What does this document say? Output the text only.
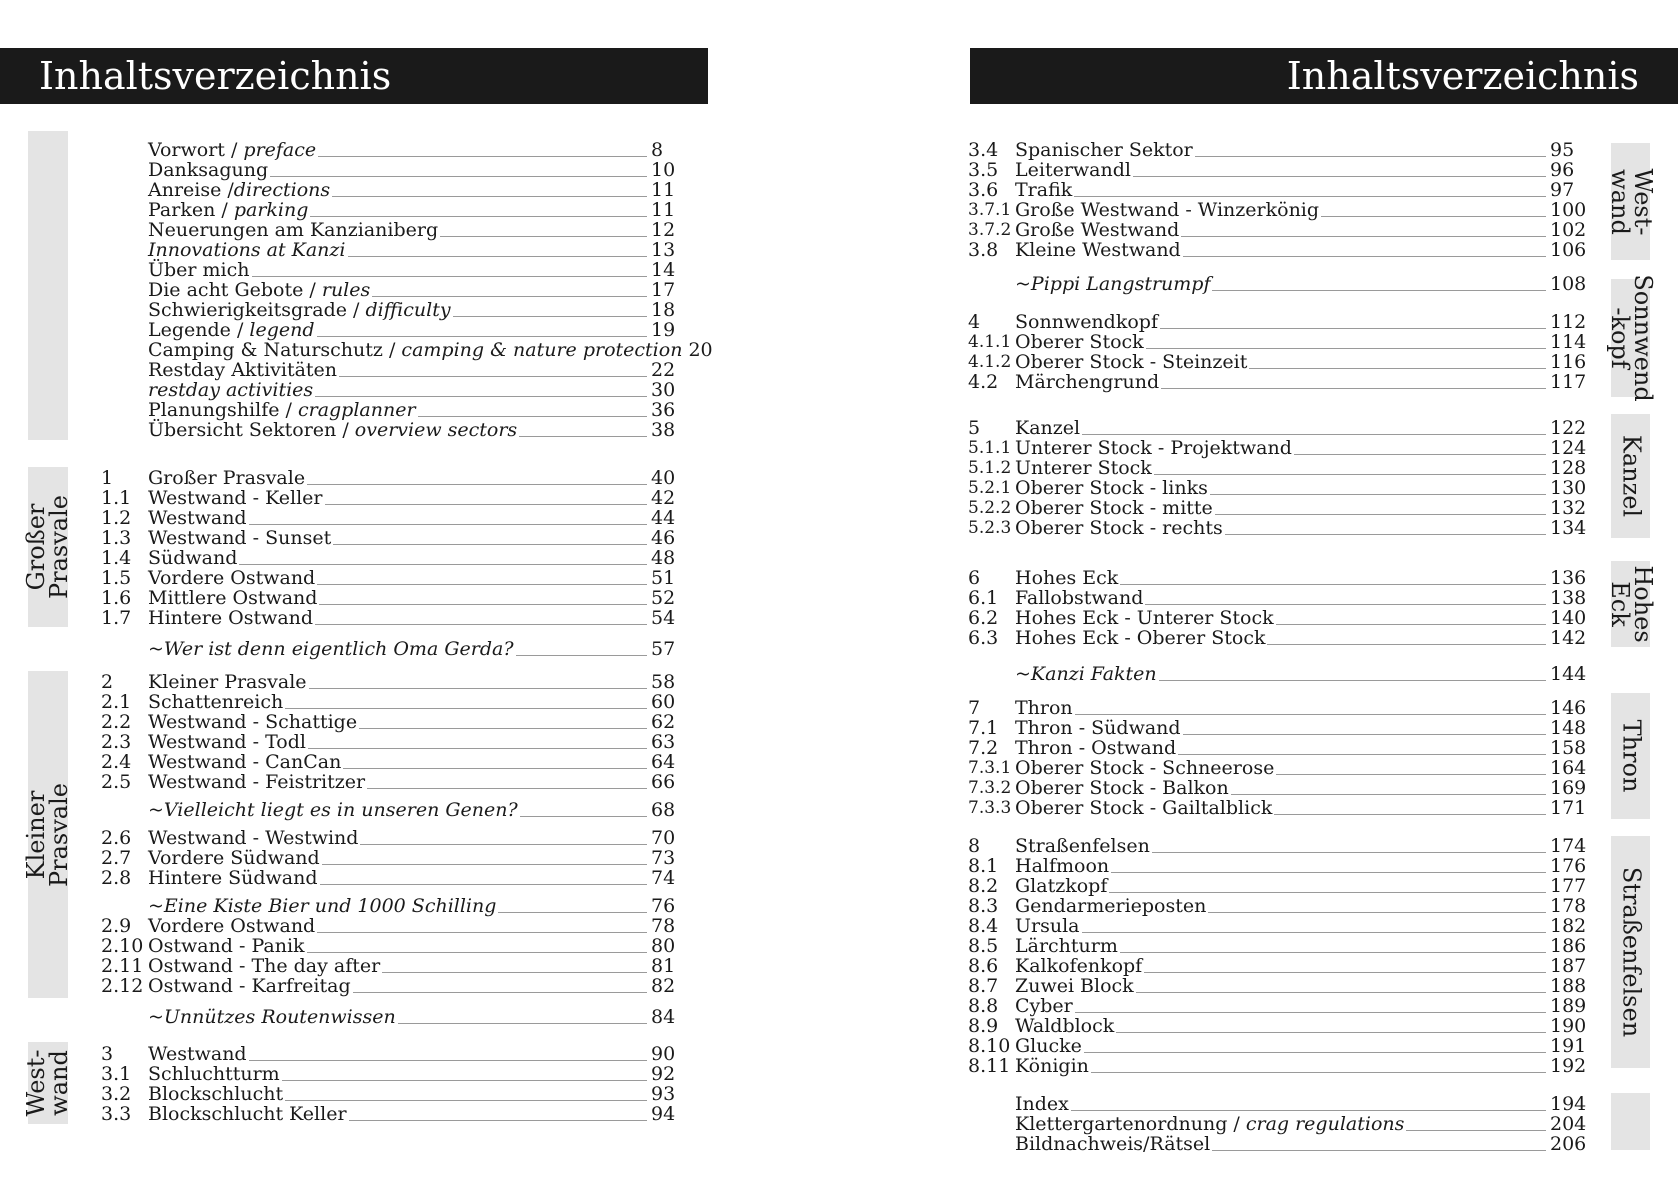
Inhaltsverzeichnis	Inhaltsverzeichnis
Großer
Prasvale
Kleiner
Prasvale
West-
wand
West-
wand
Sonnwend
-kopf
Kanzel
Hohes
Eck
Thron
Straßenfelsen
Vorwort / preface	8
Danksagung	10
Anreise /directions	11
Parken / parking	11
Neuerungen am Kanzianiberg	12
Innovations at Kanzi	13
Über mich	14
Die acht Gebote / rules	17
Schwierigkeitsgrade / difficulty	18
Legende / legend	19
Camping & Naturschutz / camping & nature protection 20
Restday Aktivitäten	22
restday activities	30
Planungshilfe / cragplanner	36
Übersicht Sektoren / overview sectors	38
1	Großer Prasvale	40
1.1 Westwand - Keller	42
1.2 Westwand	44
1.3 Westwand - Sunset	46
1.4 Südwand	48
1.5 Vordere Ostwand	51
1.6 Mittlere Ostwand	52
1.7 Hintere Ostwand	54
~Wer ist denn eigentlich Oma Gerda?	57
2	Kleiner Prasvale	58
2.1 Schattenreich	60
2.2 Westwand - Schattige	62
2.3 Westwand - Todl	63
2.4 Westwand - CanCan	64
2.5 Westwand - Feistritzer	66
~Vielleicht liegt es in unseren Genen?	68
2.6 Westwand - Westwind	70
2.7 Vordere Südwand	73
2.8 Hintere Südwand	74
~Eine Kiste Bier und 1000 Schilling	76
2.9 Vordere Ostwand	78
2.10 Ostwand - Panik	80
2.11 Ostwand - The day after	81
2.12 Ostwand - Karfreitag	82
~Unnützes Routenwissen	84
3	Westwand	90
3.1 Schluchtturm	92
3.2 Blockschlucht	93
3.3 Blockschlucht Keller	94
3.4 Spanischer Sektor	95
3.5 Leiterwandl	96
3.6 Trafik	97
3.7.1 Große Westwand - Winzerkönig	100
3.7.2 Große Westwand	102
3.8 Kleine Westwand	106
~Pippi Langstrumpf	108
4	Sonnwendkopf	112
4.1.1 Oberer Stock	114
4.1.2 Oberer Stock - Steinzeit	116
4.2 Märchengrund	117
5	Kanzel	122
5.1.1 Unterer Stock - Projektwand	124
5.1.2 Unterer Stock	128
5.2.1 Oberer Stock - links	130
5.2.2 Oberer Stock - mitte	132
5.2.3 Oberer Stock - rechts	134
6	Hohes Eck	136
6.1 Fallobstwand	138
6.2 Hohes Eck - Unterer Stock	140
6.3 Hohes Eck - Oberer Stock	142
~Kanzi Fakten	144
7	Thron	146
7.1 Thron - Südwand	148
7.2 Thron - Ostwand	158
7.3.1 Oberer Stock - Schneerose	164
7.3.2 Oberer Stock - Balkon	169
7.3.3 Oberer Stock - Gailtalblick	171
8	Straßenfelsen	174
8.1 Halfmoon	176
8.2 Glatzkopf	177
8.3 Gendarmerieposten	178
8.4 Ursula	182
8.5 Lärchturm	186
8.6 Kalkofenkopf	187
8.7 Zuwei Block	188
8.8 Cyber	189
8.9 Waldblock	190
8.10 Glucke	191
8.11 Königin	192
Index	194
Klettergartenordnung / crag regulations	204
Bildnachweis/Rätsel	206
